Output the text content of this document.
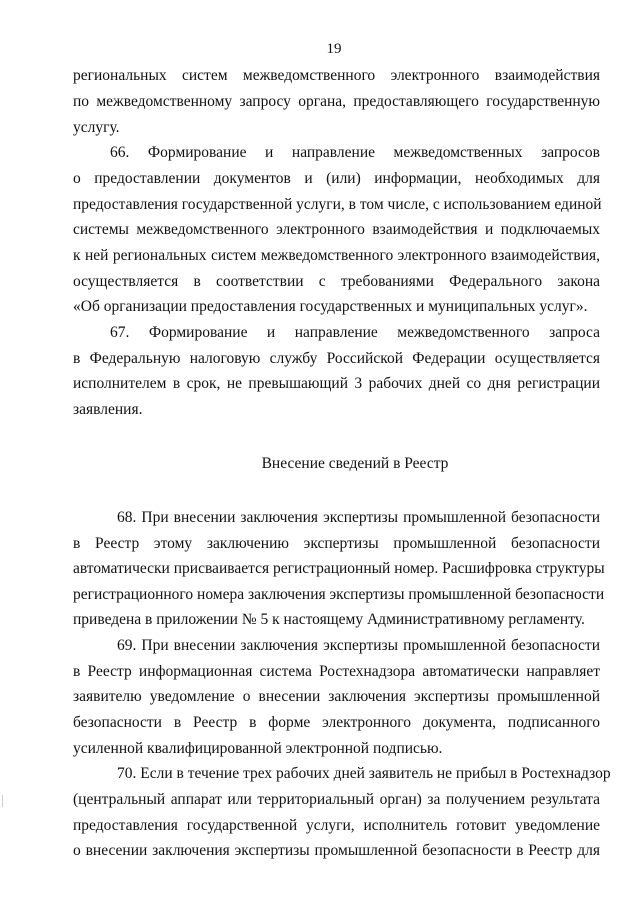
19
региональных систем межведомственного электронного взаимодействия
по межведомственному запросу органа, предоставляющего государственную
услугу.
66. Формирование и направление межведомственных запросов
о предоставлении документов и (или) информации, необходимых для
предоставления государственной услуги, в том числе, с использованием единой
системы межведомственного электронного взаимодействия и подключаемых
к ней региональных систем межведомственного электронного взаимодействия,
осуществляется в соответствии с требованиями Федерального закона
«Об организации предоставления государственных и муниципальных услуг».
67. Формирование и направление межведомственного запроса
в Федеральную налоговую службу Российской Федерации осуществляется
исполнителем в срок, не превышающий 3 рабочих дней со дня регистрации
заявления.
Внесение сведений в Реестр
68. При внесении заключения экспертизы промышленной безопасности
в Реестр этому заключению экспертизы промышленной безопасности
автоматически присваивается регистрационный номер. Расшифровка структуры
регистрационного номера заключения экспертизы промышленной безопасности
приведена в приложении № 5 к настоящему Административному регламенту.
69. При внесении заключения экспертизы промышленной безопасности
в Реестр информационная система Ростехнадзора автоматически направляет
заявителю уведомление о внесении заключения экспертизы промышленной
безопасности в Реестр в форме электронного документа, подписанного
усиленной квалифицированной электронной подписью.
70. Если в течение трех рабочих дней заявитель не прибыл в Ростехнадзор
(центральный аппарат или территориальный орган) за получением результата
предоставления государственной услуги, исполнитель готовит уведомление
о внесении заключения экспертизы промышленной безопасности в Реестр для
